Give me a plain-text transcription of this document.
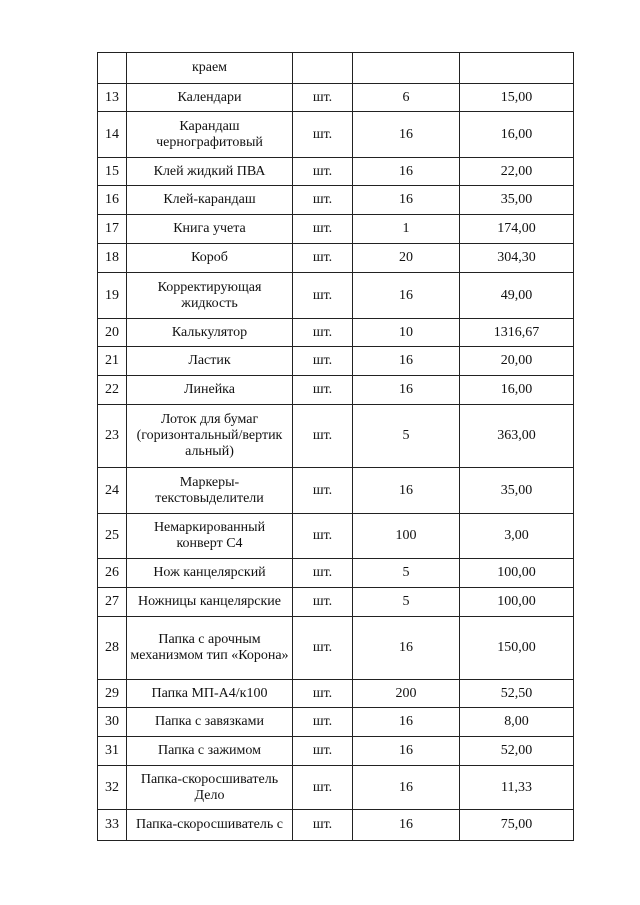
	краем			
13	Календари	шт.	6	15,00
14	Карандаш чернографитовый	шт.	16	16,00
15	Клей жидкий ПВА	шт.	16	22,00
16	Клей-карандаш	шт.	16	35,00
17	Книга учета	шт.	1	174,00
18	Короб	шт.	20	304,30
19	Корректирующая жидкость	шт.	16	49,00
20	Калькулятор	шт.	10	1316,67
21	Ластик	шт.	16	20,00
22	Линейка	шт.	16	16,00
23	Лоток для бумаг (горизонтальный/вертик альный)	шт.	5	363,00
24	Маркеры-текстовыделители	шт.	16	35,00
25	Немаркированный конверт С4	шт.	100	3,00
26	Нож канцелярский	шт.	5	100,00
27	Ножницы канцелярские	шт.	5	100,00
28	Папка с арочным механизмом тип «Корона»	шт.	16	150,00
29	Папка МП-А4/к100	шт.	200	52,50
30	Папка с завязками	шт.	16	8,00
31	Папка с зажимом	шт.	16	52,00
32	Папка-скоросшиватель Дело	шт.	16	11,33
33	Папка-скоросшиватель с	шт.	16	75,00
